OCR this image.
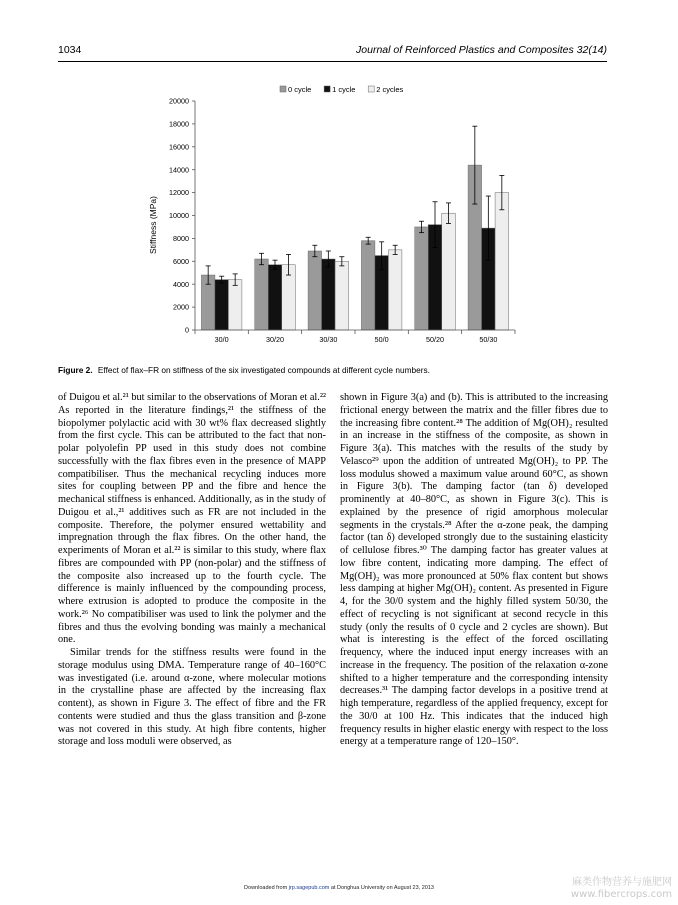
1034	Journal of Reinforced Plastics and Composites 32(14)
0 cycle	1 cycle	2 cycles
Stiffness (MPa)
0
2000
4000
6000
8000
10000
12000
14000
16000
18000
20000
30/0	30/20	30/30	50/0	50/20	50/30
Figure 2. Effect of flax–FR on stiffness of the six investigated compounds at different cycle numbers.

of Duigou et al.²¹ but similar to the observations of Moran et al.²² As reported in the literature findings,²¹ the stiffness of the biopolymer polylactic acid with 30 wt% flax decreased slightly from the first cycle. This can be attributed to the fact that non-polar polyolefin PP used in this study does not combine successfully with the flax fibres even in the presence of MAPP compatibiliser. Thus the mechanical recycling induces more sites for coupling between PP and the fibre and hence the mechanical stiffness is enhanced. Additionally, as in the study of Duigou et al.,²¹ additives such as FR are not included in the composite. Therefore, the polymer ensured wettability and impregnation through the flax fibres. On the other hand, the experiments of Moran et al.²² is similar to this study, where flax fibres are compounded with PP (non-polar) and the stiffness of the composite also increased up to the fourth cycle. The difference is mainly influenced by the compounding process, where extrusion is adopted to produce the composite in the work.²⁶ No compatibiliser was used to link the polymer and the fibres and thus the evolving bonding was mainly a mechanical one.

Similar trends for the stiffness results were found in the storage modulus using DMA. Temperature range of 40–160°C was investigated (i.e. around α-zone, where molecular motions in the crystalline phase are affected by the increasing flax content), as shown in Figure 3. The effect of fibre and the FR contents were studied and thus the glass transition and β-zone was not covered in this study. At high fibre contents, higher storage and loss moduli were observed, as

shown in Figure 3(a) and (b). This is attributed to the increasing frictional energy between the matrix and the filler fibres due to the increasing fibre content.²⁸ The addition of Mg(OH)₂ resulted in an increase in the stiffness of the composite, as shown in Figure 3(a). This matches with the results of the study by Velasco²⁹ upon the addition of untreated Mg(OH)₂ to PP. The loss modulus showed a maximum value around 60°C, as shown in Figure 3(b). The damping factor (tan δ) developed prominently at 40–80°C, as shown in Figure 3(c). This is explained by the presence of rigid amorphous molecular segments in the crystals.²⁸ After the α-zone peak, the damping factor (tan δ) developed strongly due to the sustaining elasticity of cellulose fibres.³⁰ The damping factor has greater values at low fibre content, indicating more damping. The effect of Mg(OH)₂ was more pronounced at 50% flax content but shows less damping at higher Mg(OH)₂ content. As presented in Figure 4, for the 30/0 system and the highly filled system 50/30, the effect of recycling is not significant at second recycle in this study (only the results of 0 cycle and 2 cycles are shown). But what is interesting is the effect of the forced oscillating frequency, where the induced input energy increases with an increase in the frequency. The position of the relaxation α-zone shifted to a higher temperature and the corresponding intensity decreases.³¹ The damping factor develops in a positive trend at high temperature, regardless of the applied frequency, except for the 30/0 at 100 Hz. This indicates that the induced high frequency results in higher elastic energy with respect to the loss energy at a temperature range of 120–150°.

Downloaded from jrp.sagepub.com at Donghua University on August 23, 2013	麻类作物营养与施肥网
www.fibercrops.com
